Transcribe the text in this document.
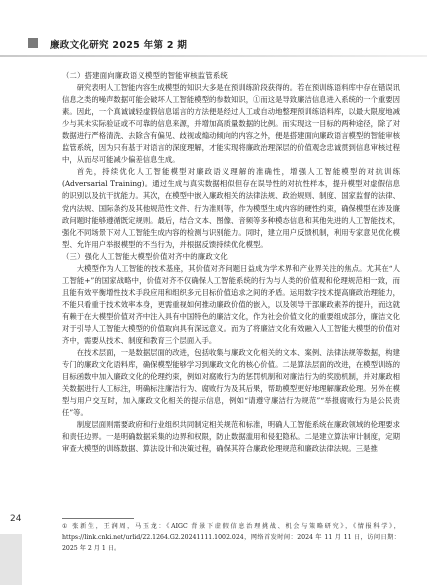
廉政文化研究 2025 年第 2 期
（二）搭建面向廉政语义模型的智能审核监管系统

研究表明人工智能内容生成模型的知识大多是在预训练阶段获得的。若在预训练语料库中存在错误讯信息之类的噪声数据可能会破坏人工智能模型的参数知识，①而这是导致廉洁信息进入系统的一个重要因素。因此，一个真诚诚轻虚假信息谣言的方法便是经过人工或自动地整理预训练语料库，以最大限度地减少与其未实际验证或不可靠的信息来源，并增加高质量数据的比例。而实现这一目标的两种途径，除了对数据进行严格清洗、去除含有偏见、歧视或煽动倾向的内容之外，便是搭建面向廉政语言模型的智能审核监管系统，因为只有基于对语言的深度理解，才能实现将廉政治理深层的价值观念忠诚贯到信息审核过程中，从而尽可能减少偏差信息生成。

首先，持续优化人工智能模型对廉政语义理解的准确性，增强人工智能模型的对抗训练(Adversarial Training)。通过生成与真实数据相似但存在误导性的对抗性样本，提升模型对虚假信息的识别以及抗干扰能力。其次，在模型中嵌入廉政相关的法律法规、政治规则、制度、国家监督的法律、党内法规、国际条约及其他规范性文件、行为准则等，作为模型生成内容的硬性约束，确保模型在涉及廉政问题时能够遵循既定规则。最后，结合文本、图像、音频等多种模态信息和其他先进的人工智能技术，强化不同场景下对人工智能生成内容的检测与识别能力。同时，建立用户反馈机制，利用专家意见优化模型、允许用户举报模型的不当行为，并根据反馈持续优化模型。

（三）强化人工智能大模型价值对齐中的廉政文化

大模型作为人工智能的技术基座，其价值对齐问题日益成为学术界和产业界关注的焦点。尤其在“人工智能+”的国家战略中，价值对齐不仅确保人工智能系统的行为与人类的价值观和伦理规范相一致，而且能有效平衡增性技术手段应用和组织多元目标价值追求之间的矛盾。运用数字技术提高廉政治理能力，不能只看重于技术效率本身，更需重视如何推动廉政价值的嵌入，以及领导干部廉政素养的提升，而这就有赖于在大模型价值对齐中注入具有中国特色的廉洁文化，作为社会价值文化的重要组成部分，廉洁文化对于引导人工智能大模型的价值取向具有深远意义。而为了将廉洁文化有效融入人工智能大模型的价值对齐中，需要从技术、制度和教育三个层面入手。

在技术层面，一是数据层面的改进，包括收集与廉政文化相关的文本、案例、法律法规等数据，构建专门的廉政文化语料库，确保模型能够学习到廉政文化的核心价值。二是算法层面的改进，在模型训练的目标函数中加入廉政文化的伦理约束，例如对腐败行为的惩罚机制和对廉洁行为的奖励机制，并对廉政相关数据进行人工标注，明确标注廉洁行为、腐败行为及其后果，帮助模型更好地理解廉政伦理。另外在模型与用户交互时，加入廉政文化相关的提示信息，例如“请遵守廉洁行为规范”“举报腐败行为是公民责任”等。

制度层面则需要政府和行业组织共同制定相关规范和标准，明确人工智能系统在廉政领域的伦理要求和责任边界。一是明确数据采集的边界和权限，防止数据滥用和侵犯隐私。二是建立算法审计制度，定期审查大模型的训练数据、算法设计和决策过程，确保其符合廉政伦理规范和廉政法律法规。三是推

① 张新生，王润周，马玉龙：《AIGC 背景下虚假信息治理挑战、机会与策略研究》，《情报科学》，https://link.cnki.net/urlid/22.1264.G2.20241111.1002.024，网络首发时间：2024 年 11 月 11 日，访问日期：2025 年 2 月 1 日。
24
